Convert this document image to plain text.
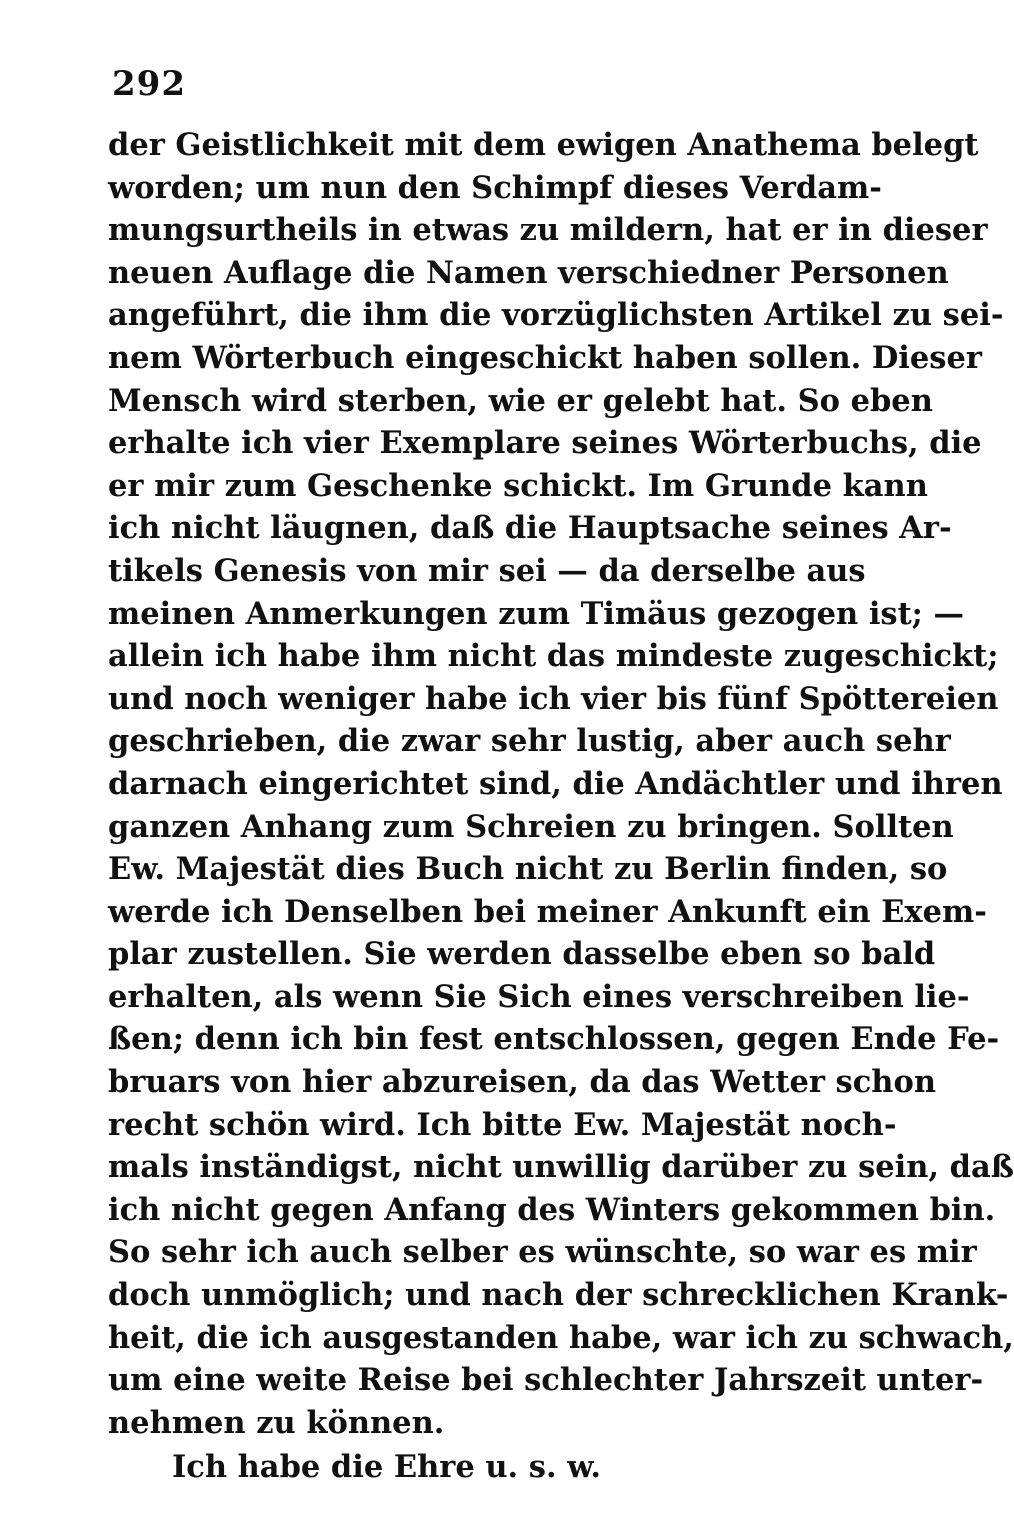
292
der Geistlichkeit mit dem ewigen Anathema belegt
worden; um nun den Schimpf dieses Verdam-
mungsurtheils in etwas zu mildern, hat er in dieser
neuen Auflage die Namen verschiedner Personen
angeführt, die ihm die vorzüglichsten Artikel zu sei-
nem Wörterbuch eingeschickt haben sollen. Dieser
Mensch wird sterben, wie er gelebt hat. So eben
erhalte ich vier Exemplare seines Wörterbuchs, die
er mir zum Geschenke schickt. Im Grunde kann
ich nicht läugnen, daß die Hauptsache seines Ar-
tikels Genesis von mir sei — da derselbe aus
meinen Anmerkungen zum Timäus gezogen ist; —
allein ich habe ihm nicht das mindeste zugeschickt;
und noch weniger habe ich vier bis fünf Spöttereien
geschrieben, die zwar sehr lustig, aber auch sehr
darnach eingerichtet sind, die Andächtler und ihren
ganzen Anhang zum Schreien zu bringen. Sollten
Ew. Majestät dies Buch nicht zu Berlin finden, so
werde ich Denselben bei meiner Ankunft ein Exem-
plar zustellen. Sie werden dasselbe eben so bald
erhalten, als wenn Sie Sich eines verschreiben lie-
ßen; denn ich bin fest entschlossen, gegen Ende Fe-
bruars von hier abzureisen, da das Wetter schon
recht schön wird. Ich bitte Ew. Majestät noch-
mals inständigst, nicht unwillig darüber zu sein, daß
ich nicht gegen Anfang des Winters gekommen bin.
So sehr ich auch selber es wünschte, so war es mir
doch unmöglich; und nach der schrecklichen Krank-
heit, die ich ausgestanden habe, war ich zu schwach,
um eine weite Reise bei schlechter Jahrszeit unter-
nehmen zu können.
Ich habe die Ehre u. s. w.
